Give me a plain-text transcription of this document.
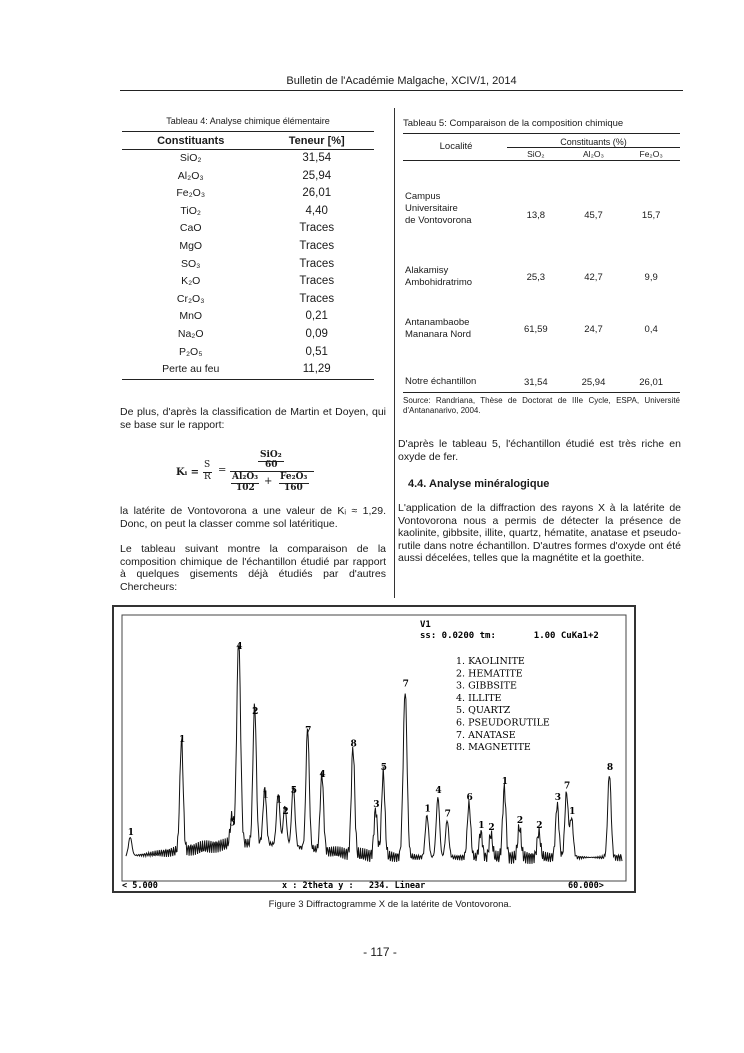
Bulletin de l'Académie Malgache, XCIV/1, 2014
Tableau 4: Analyse chimique élémentaire
Constituants	Teneur [%]
SiO₂	31,54
Al₂O₃	25,94
Fe₂O₃	26,01
TiO₂	4,40
CaO	Traces
MgO	Traces
SO₃	Traces
K₂O	Traces
Cr₂O₃	Traces
MnO	0,21
Na₂O	0,09
P₂O₅	0,51
Perte au feu	11,29
Tableau 5: Comparaison de la composition chimique
Localité	Constituants (%)		
	SiO₂	Al₂O₃	Fe₂O₃

Campus
Universitaire
de Vontovorona	13,8	45,7	15,7

Alakamisy
Ambohidratrimo	25,3	42,7	9,9

Antanambaobe
Mananara Nord	61,59	24,7	0,4

Notre échantillon	31,54	25,94	26,01
Source: Randriana, Thèse de Doctorat de IIIe Cycle, ESPA, Université d'Antananarivo, 2004.
De plus, d'après la classification de Martin et Doyen, qui se base sur le rapport:
Kᵢ =
S
R
=
SiO₂
60
Al₂O₃
102
+ Fe₂O₃
160
la latérite de Vontovorona a une valeur de Kᵢ ≈ 1,29. Donc, on peut la classer comme sol latéritique.
Le tableau suivant montre la comparaison de la composition chimique de l'échantillon étudié par rapport à quelques gisements déjà étudiés par d'autres Chercheurs:
D'après le tableau 5, l'échantillon étudié est très riche en oxyde de fer.
4.4. Analyse minéralogique
L'application de la diffraction des rayons X à la latérite de Vontovorona nous a permis de détecter la présence de kaolinite, gibbsite, illite, quartz, hématite, anatase et pseudo-rutile dans notre échantillon. D'autres formes d'oxyde ont été aussi décelées, telles que la magnétite et la goethite.
V1
ss: 0.0200 tm:       1.00 CuKa1+2
1. KAOLINITE
2. HEMATITE
3. GIBBSITE
4. ILLITE
5. QUARTZ
6. PSEUDORUTILE
7. ANATASE
8. MAGNETITE
1
1
4
5
2
1 1
2
5
7
4
8
3
5
7
1
4
7
6
1 2
1
2 2
3
7
1
8
< 5.000	x : 2theta y :   234. Linear	60.000>
Figure 3 Diffractogramme X de la latérite de Vontovorona.
- 117 -
